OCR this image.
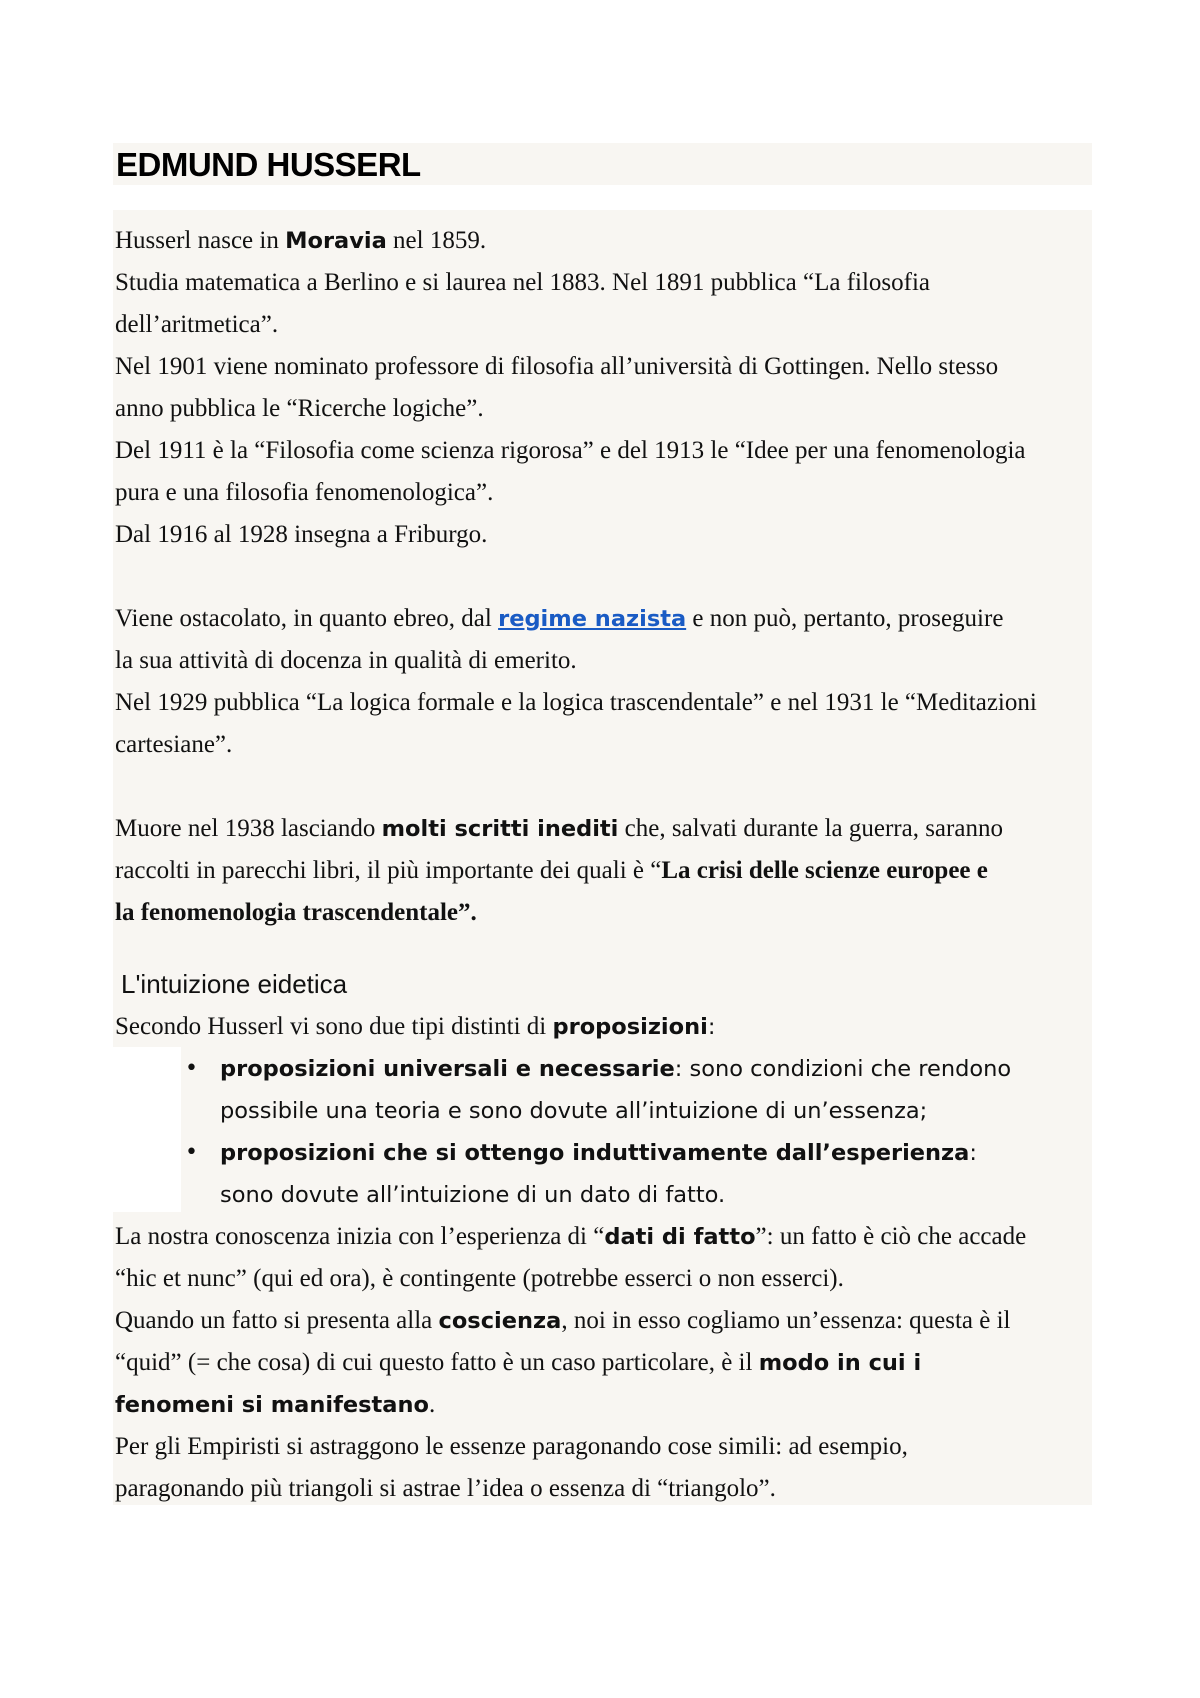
EDMUND HUSSERL
Husserl nasce in Moravia nel 1859.
Studia matematica a Berlino e si laurea nel 1883. Nel 1891 pubblica “La filosofia
dell’aritmetica”.
Nel 1901 viene nominato professore di filosofia all’università di Gottingen. Nello stesso
anno pubblica le “Ricerche logiche”.
Del 1911 è la “Filosofia come scienza rigorosa” e del 1913 le “Idee per una fenomenologia
pura e una filosofia fenomenologica”.
Dal 1916 al 1928 insegna a Friburgo.
Viene ostacolato, in quanto ebreo, dal regime nazista e non può, pertanto, proseguire
la sua attività di docenza in qualità di emerito.
Nel 1929 pubblica “La logica formale e la logica trascendentale” e nel 1931 le “Meditazioni
cartesiane”.
Muore nel 1938 lasciando molti scritti inediti che, salvati durante la guerra, saranno
raccolti in parecchi libri, il più importante dei quali è “La crisi delle scienze europee e
la fenomenologia trascendentale”.
L'intuizione eidetica
Secondo Husserl vi sono due tipi distinti di proposizioni:
• proposizioni universali e necessarie: sono condizioni che rendono
possibile una teoria e sono dovute all’intuizione di un’essenza;
• proposizioni che si ottengo induttivamente dall’esperienza:
sono dovute all’intuizione di un dato di fatto.
La nostra conoscenza inizia con l’esperienza di “dati di fatto”: un fatto è ciò che accade
“hic et nunc” (qui ed ora), è contingente (potrebbe esserci o non esserci).
Quando un fatto si presenta alla coscienza, noi in esso cogliamo un’essenza: questa è il
“quid” (= che cosa) di cui questo fatto è un caso particolare, è il modo in cui i
fenomeni si manifestano.
Per gli Empiristi si astraggono le essenze paragonando cose simili: ad esempio,
paragonando più triangoli si astrae l’idea o essenza di “triangolo”.
